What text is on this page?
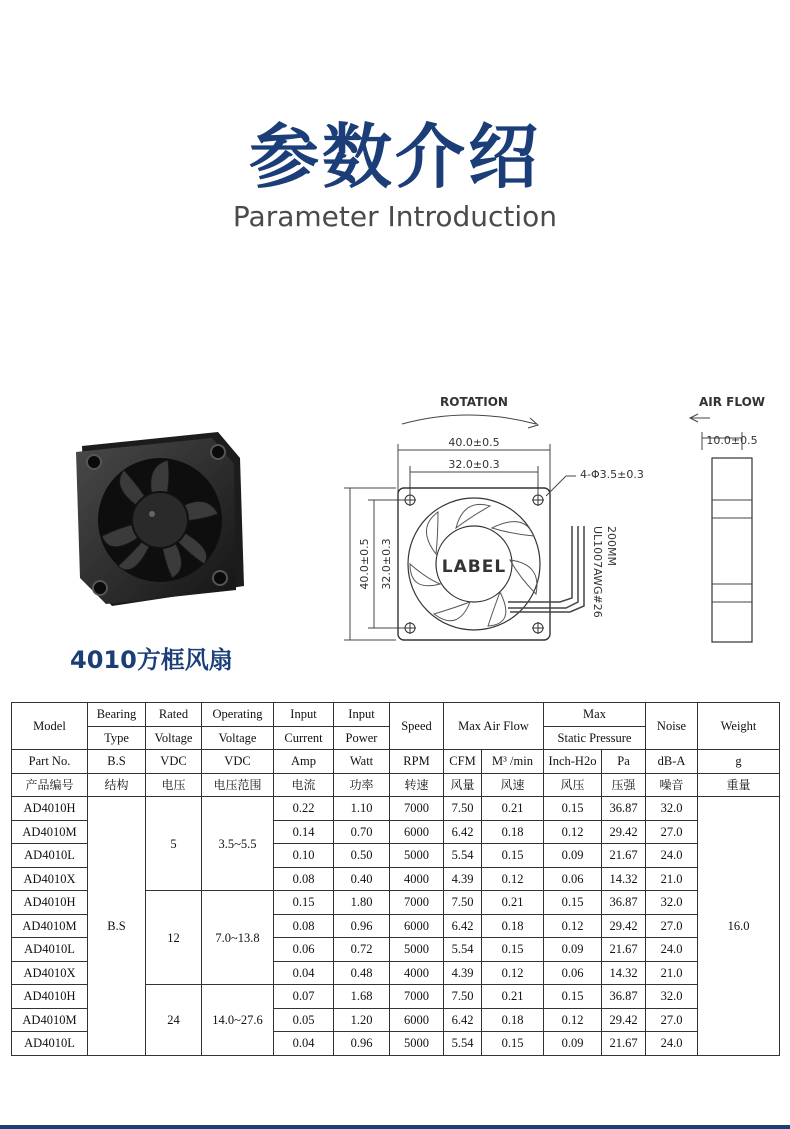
参数介绍
Parameter Introduction
4010方框风扇
ROTATION
40.0±0.5
32.0±0.3
4-Φ3.5±0.3
40.0±0.5 32.0±0.3	LABEL	UL1007AWG#26 200MM
AIR FLOW
10.0±0.5
Model	Bearing	Rated	Operating	Input	Input	Speed	Max Air Flow		Max		Noise	Weight
	Type	Voltage	Voltage	Current	Power				Static Pressure			
Part No.	B.S	VDC	VDC	Amp	Watt	RPM	CFM	M³ /min	Inch-H2o	Pa	dB-A	g
产品编号	结构	电压	电压范围	电流	功率	转速	风量	风速	风压	压强	噪音	重量
AD4010H	B.S	5	3.5~5.5	0.22	1.10	7000	7.50	0.21	0.15	36.87	32.0	16.0
AD4010M				0.14	0.70	6000	6.42	0.18	0.12	29.42	27.0	
AD4010L				0.10	0.50	5000	5.54	0.15	0.09	21.67	24.0	
AD4010X				0.08	0.40	4000	4.39	0.12	0.06	14.32	21.0	
AD4010H		12	7.0~13.8	0.15	1.80	7000	7.50	0.21	0.15	36.87	32.0	
AD4010M				0.08	0.96	6000	6.42	0.18	0.12	29.42	27.0	
AD4010L				0.06	0.72	5000	5.54	0.15	0.09	21.67	24.0	
AD4010X				0.04	0.48	4000	4.39	0.12	0.06	14.32	21.0	
AD4010H		24	14.0~27.6	0.07	1.68	7000	7.50	0.21	0.15	36.87	32.0	
AD4010M				0.05	1.20	6000	6.42	0.18	0.12	29.42	27.0	
AD4010L				0.04	0.96	5000	5.54	0.15	0.09	21.67	24.0	
